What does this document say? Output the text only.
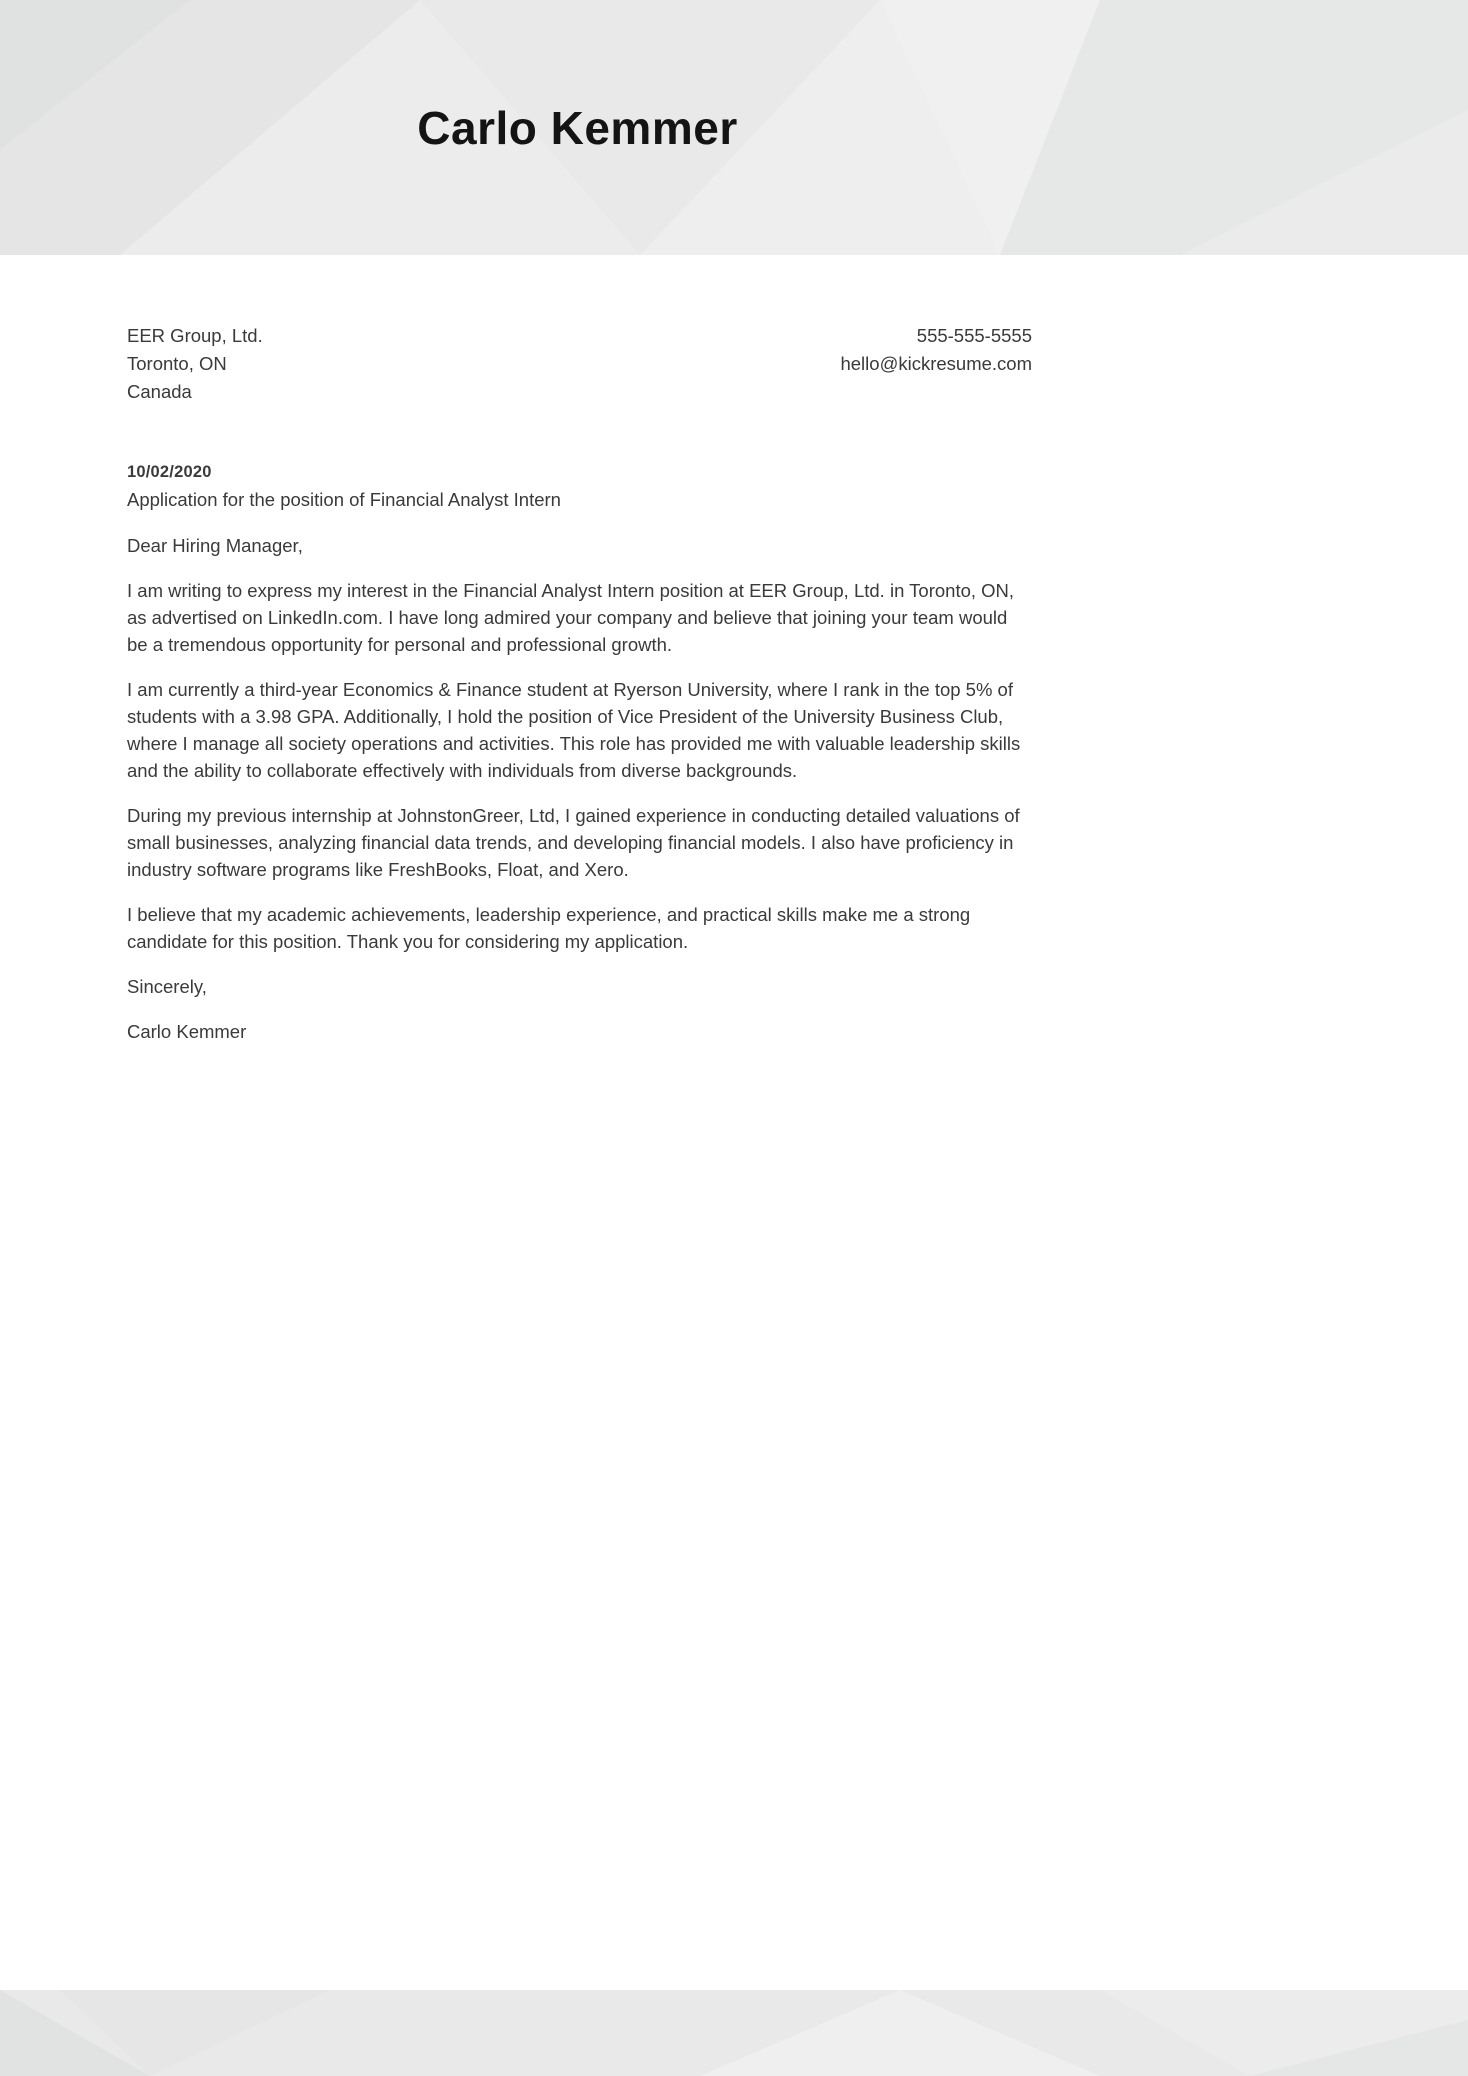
Carlo Kemmer
EER Group, Ltd.
Toronto, ON
Canada
555-555-5555
hello@kickresume.com
10/02/2020
Application for the position of Financial Analyst Intern

Dear Hiring Manager,

I am writing to express my interest in the Financial Analyst Intern position at EER Group, Ltd. in Toronto, ON, as advertised on LinkedIn.com. I have long admired your company and believe that joining your team would be a tremendous opportunity for personal and professional growth.

I am currently a third-year Economics & Finance student at Ryerson University, where I rank in the top 5% of students with a 3.98 GPA. Additionally, I hold the position of Vice President of the University Business Club, where I manage all society operations and activities. This role has provided me with valuable leadership skills and the ability to collaborate effectively with individuals from diverse backgrounds.

During my previous internship at JohnstonGreer, Ltd, I gained experience in conducting detailed valuations of small businesses, analyzing financial data trends, and developing financial models. I also have proficiency in industry software programs like FreshBooks, Float, and Xero.

I believe that my academic achievements, leadership experience, and practical skills make me a strong candidate for this position. Thank you for considering my application.

Sincerely,

Carlo Kemmer
